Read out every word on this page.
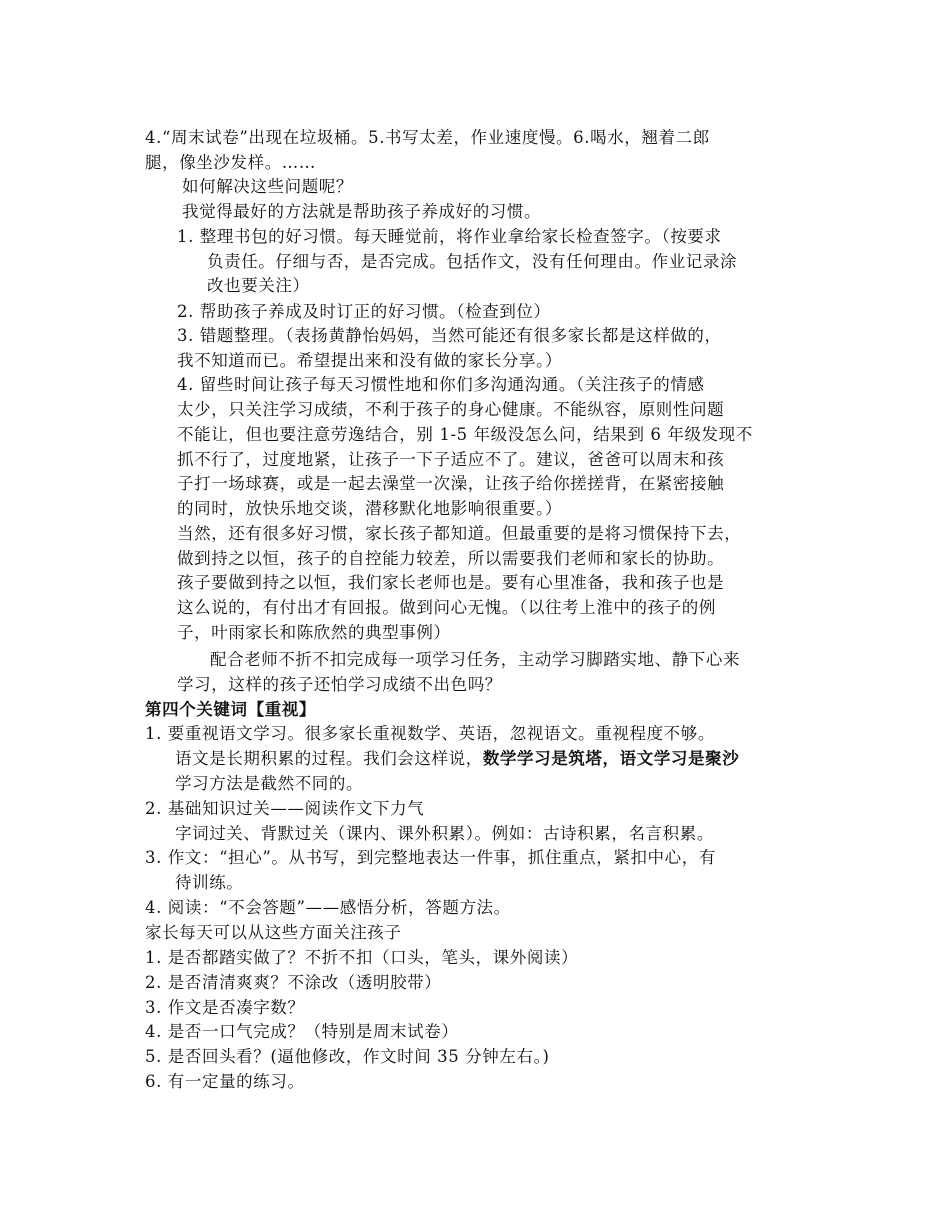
4.“周末试卷”出现在垃圾桶。5.书写太差，作业速度慢。6.喝水，翘着二郎
腿，像坐沙发样。……
如何解决这些问题呢？
我觉得最好的方法就是帮助孩子养成好的习惯。
1. 整理书包的好习惯。每天睡觉前，将作业拿给家长检查签字。（按要求
负责任。仔细与否，是否完成。包括作文，没有任何理由。作业记录涂
改也要关注）
2. 帮助孩子养成及时订正的好习惯。（检查到位）
3. 错题整理。（表扬黄静怡妈妈，当然可能还有很多家长都是这样做的，
我不知道而已。希望提出来和没有做的家长分享。）
4. 留些时间让孩子每天习惯性地和你们多沟通沟通。（关注孩子的情感
太少，只关注学习成绩，不利于孩子的身心健康。不能纵容，原则性问题
不能让，但也要注意劳逸结合，别 1-5 年级没怎么问，结果到 6 年级发现不
抓不行了，过度地紧，让孩子一下子适应不了。建议，爸爸可以周末和孩
子打一场球赛，或是一起去澡堂一次澡，让孩子给你搓搓背，在紧密接触
的同时，放快乐地交谈，潜移默化地影响很重要。）
当然，还有很多好习惯，家长孩子都知道。但最重要的是将习惯保持下去，
做到持之以恒，孩子的自控能力较差，所以需要我们老师和家长的协助。
孩子要做到持之以恒，我们家长老师也是。要有心里准备，我和孩子也是
这么说的，有付出才有回报。做到问心无愧。（以往考上淮中的孩子的例
子，叶雨家长和陈欣然的典型事例）
配合老师不折不扣完成每一项学习任务，主动学习脚踏实地、静下心来
学习，这样的孩子还怕学习成绩不出色吗？
第四个关键词【重视】
1. 要重视语文学习。很多家长重视数学、英语，忽视语文。重视程度不够。
语文是长期积累的过程。我们会这样说，数学学习是筑塔，语文学习是聚沙
学习方法是截然不同的。
2. 基础知识过关——阅读作文下力气
字词过关、背默过关（课内、课外积累）。例如：古诗积累，名言积累。
3. 作文：“担心”。从书写，到完整地表达一件事，抓住重点，紧扣中心，有
待训练。
4. 阅读：“不会答题”——感悟分析，答题方法。
家长每天可以从这些方面关注孩子
1. 是否都踏实做了？不折不扣（口头，笔头，课外阅读）
2. 是否清清爽爽？不涂改（透明胶带）
3. 作文是否凑字数？
4. 是否一口气完成？（特别是周末试卷）
5. 是否回头看？(逼他修改，作文时间 35 分钟左右。)
6. 有一定量的练习。
